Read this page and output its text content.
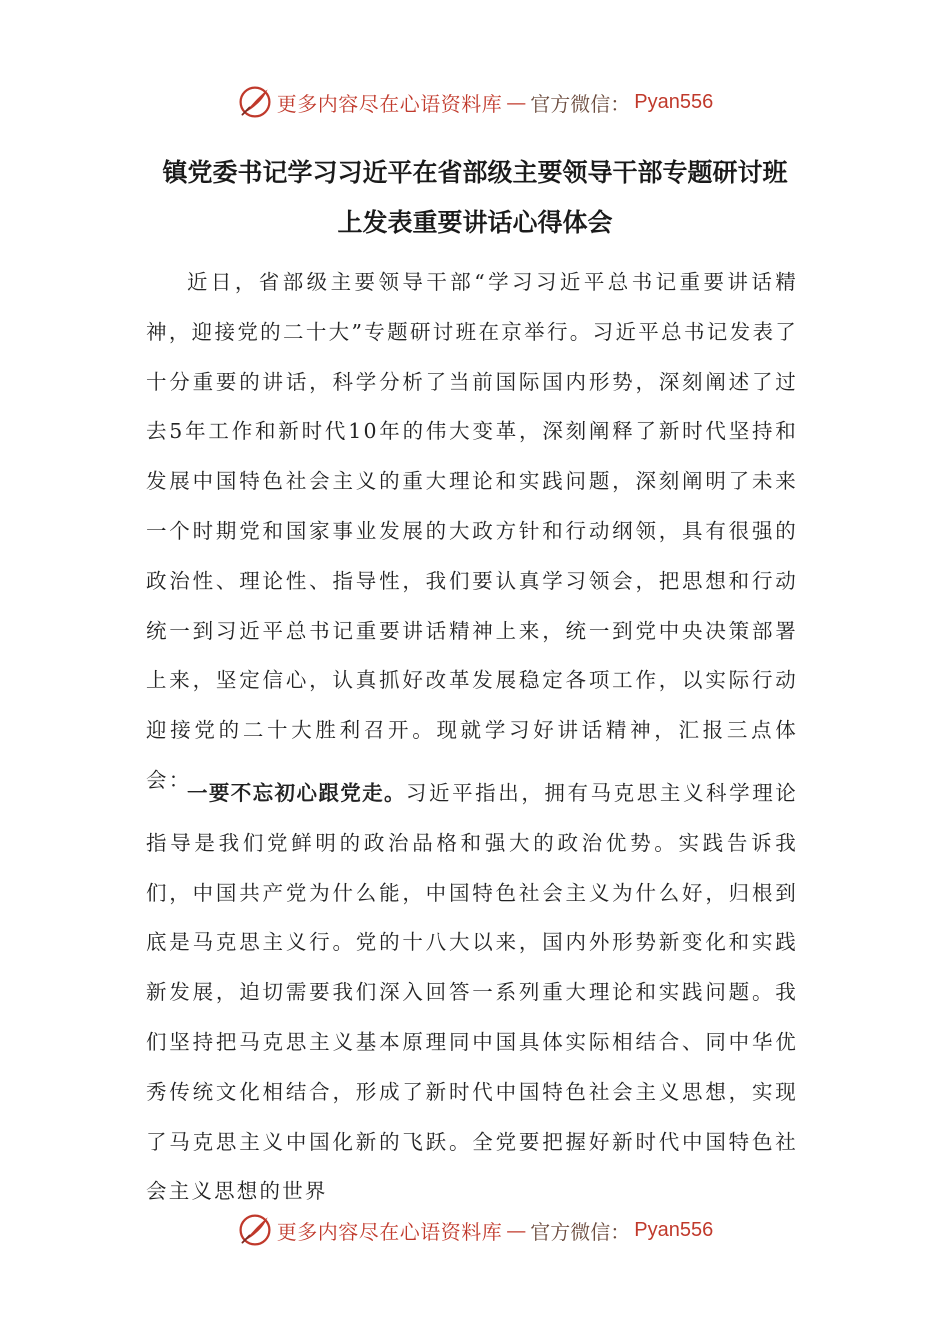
更多内容尽在心语资料库 — 官方微信： Pyan556
镇党委书记学习习近平在省部级主要领导干部专题研讨班
上发表重要讲话心得体会

近日，省部级主要领导干部“学习习近平总书记重要讲话精神，迎接党的二十大”专题研讨班在京举行。习近平总书记发表了十分重要的讲话，科学分析了当前国际国内形势，深刻阐述了过去5年工作和新时代10年的伟大变革，深刻阐释了新时代坚持和发展中国特色社会主义的重大理论和实践问题，深刻阐明了未来一个时期党和国家事业发展的大政方针和行动纲领，具有很强的政治性、理论性、指导性，我们要认真学习领会，把思想和行动统一到习近平总书记重要讲话精神上来，统一到党中央决策部署上来，坚定信心，认真抓好改革发展稳定各项工作，以实际行动迎接党的二十大胜利召开。现就学习好讲话精神，汇报三点体会：

一要不忘初心跟党走。习近平指出，拥有马克思主义科学理论指导是我们党鲜明的政治品格和强大的政治优势。实践告诉我们，中国共产党为什么能，中国特色社会主义为什么好，归根到底是马克思主义行。党的十八大以来，国内外形势新变化和实践新发展，迫切需要我们深入回答一系列重大理论和实践问题。我们坚持把马克思主义基本原理同中国具体实际相结合、同中华优秀传统文化相结合，形成了新时代中国特色社会主义思想，实现了马克思主义中国化新的飞跃。全党要把握好新时代中国特色社会主义思想的世界

更多内容尽在心语资料库 — 官方微信： Pyan556
